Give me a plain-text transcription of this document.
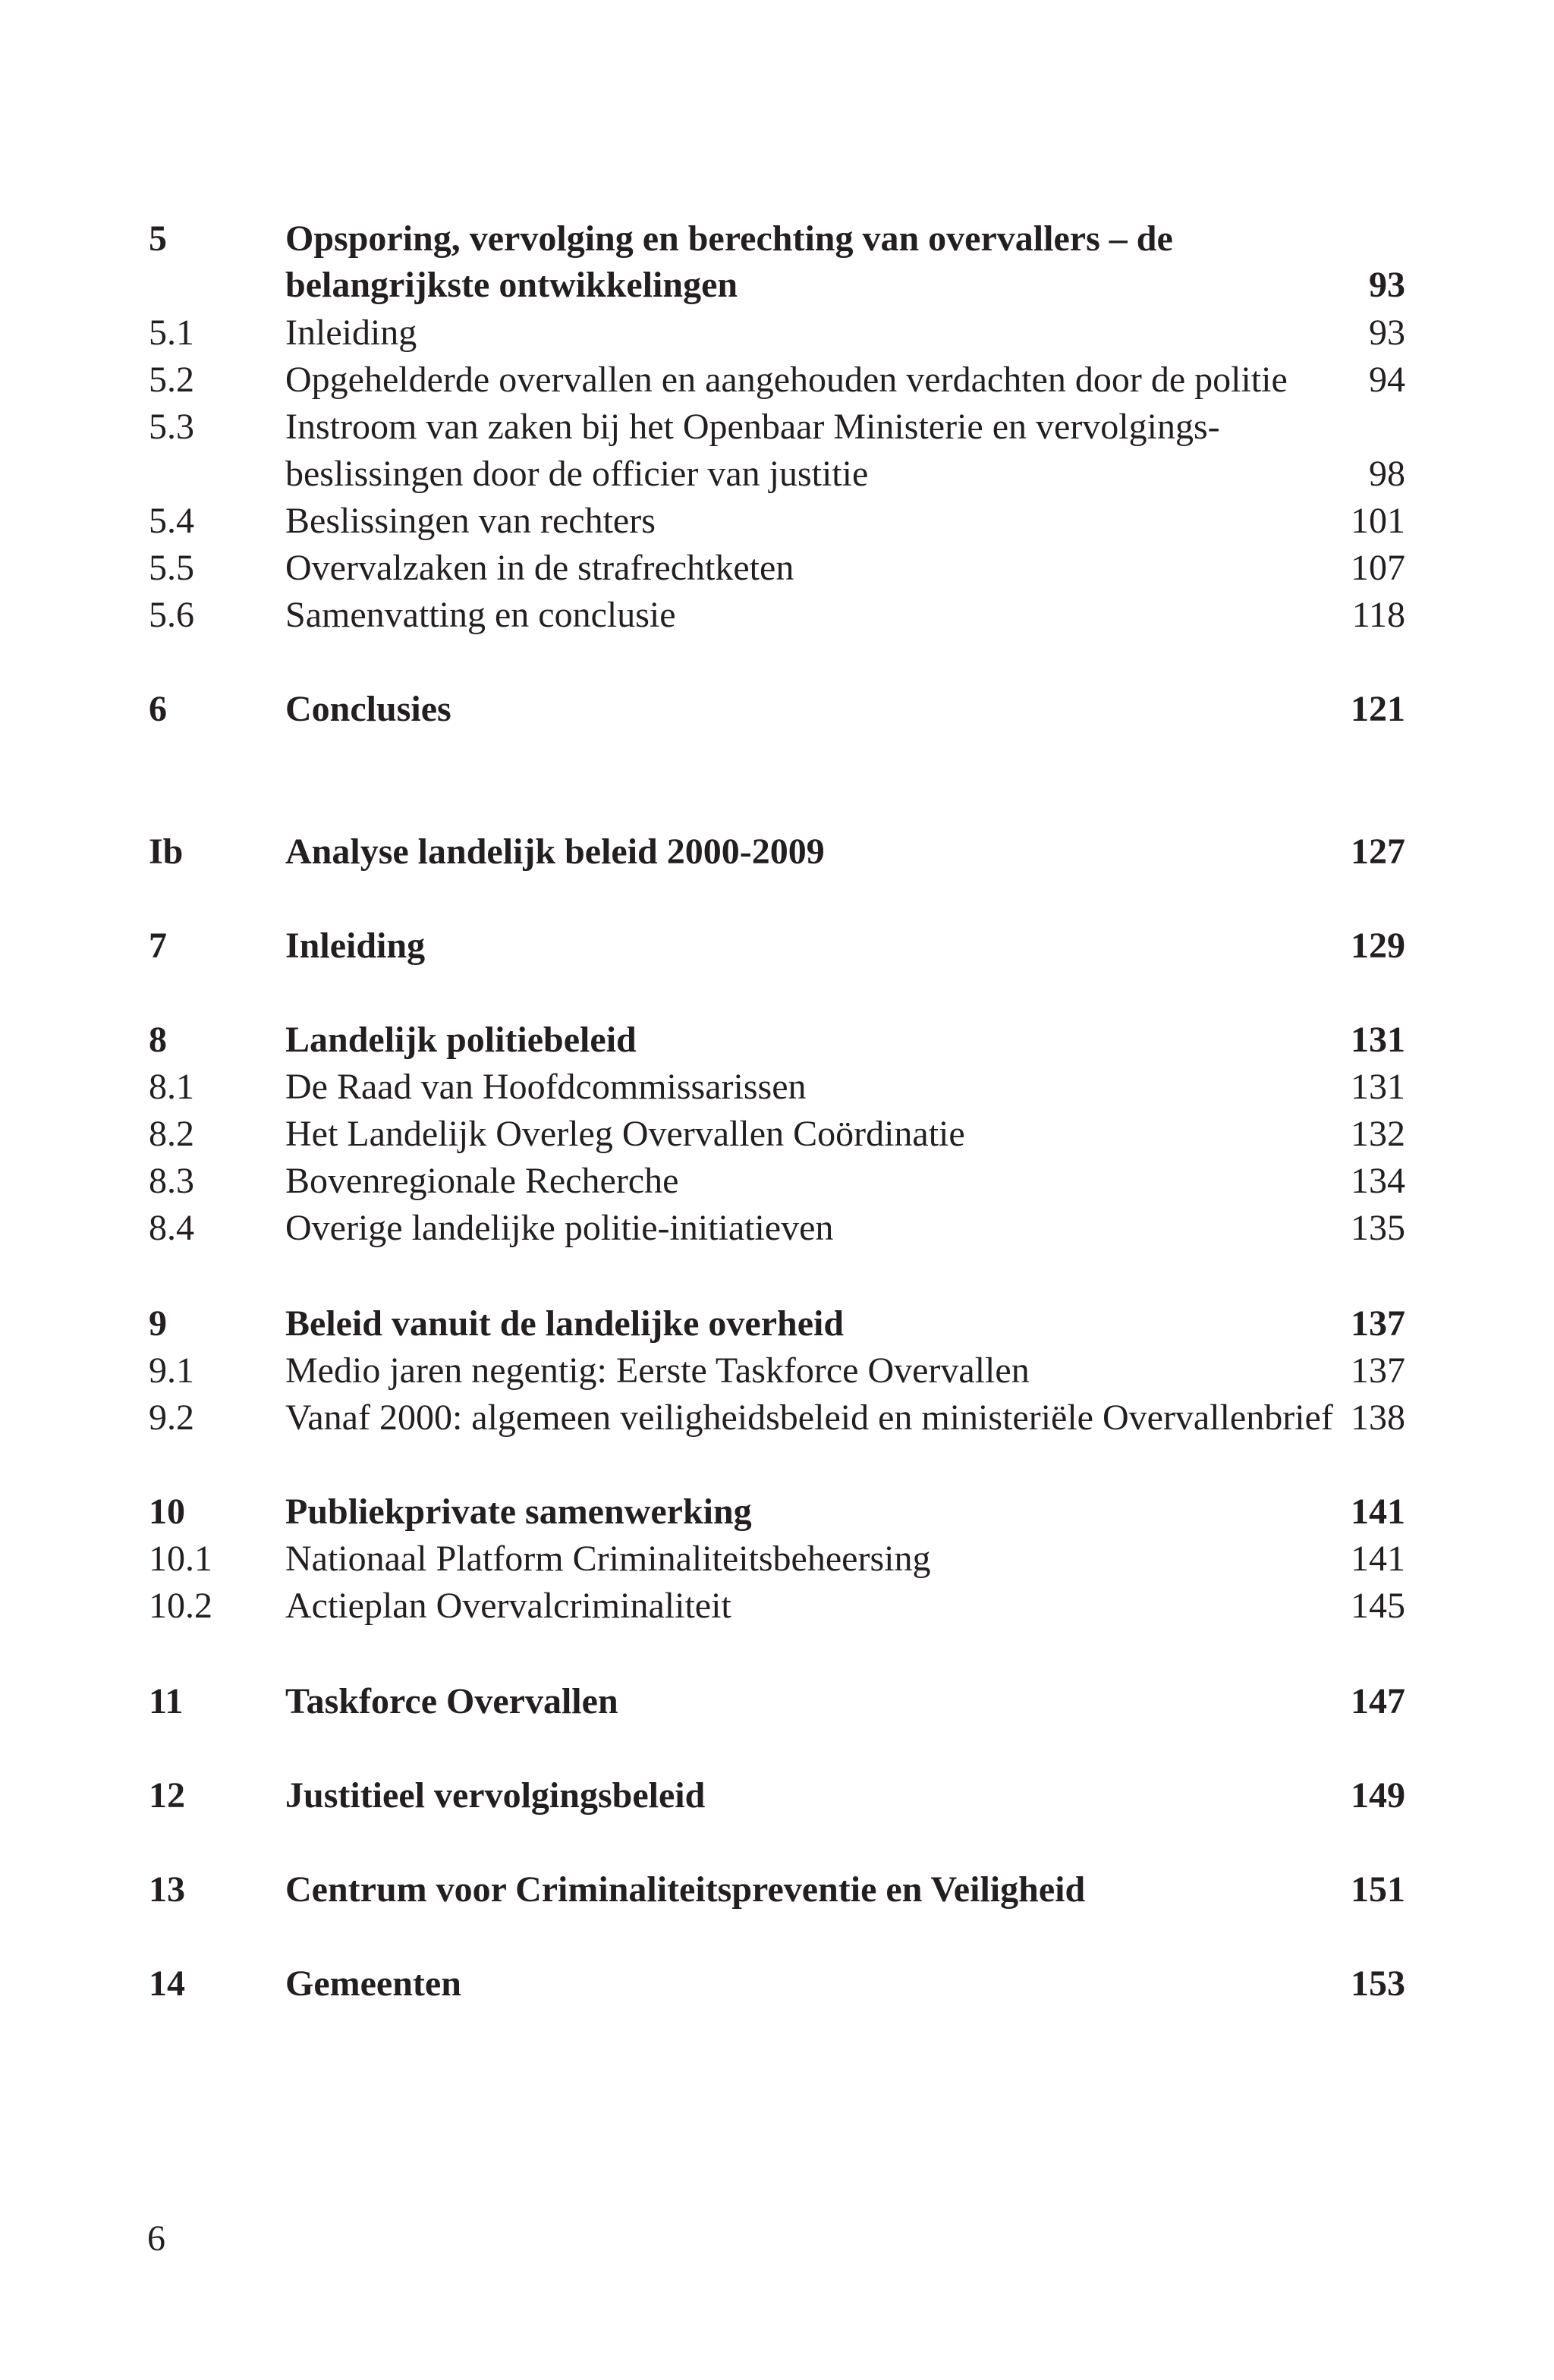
5	Opsporing, vervolging en berechting van overvallers – de
belangrijkste ontwikkelingen	93
5.1	Inleiding	93
5.2	Opgehelderde overvallen en aangehouden verdachten door de politie 94
5.3	Instroom van zaken bij het Openbaar Ministerie en vervolgings-
beslissingen door de officier van justitie	98
5.4	Beslissingen van rechters	101
5.5	Overvalzaken in de strafrechtketen	107
5.6	Samenvatting en conclusie	118
6	Conclusies	121
Ib	Analyse landelijk beleid 2000-2009	127
7	Inleiding	129
8	Landelijk politiebeleid	131
8.1	De Raad van Hoofdcommissarissen	131
8.2	Het Landelijk Overleg Overvallen Coördinatie	132
8.3	Bovenregionale Recherche	134
8.4	Overige landelijke politie-initiatieven	135
9	Beleid vanuit de landelijke overheid	137
9.1	Medio jaren negentig: Eerste Taskforce Overvallen	137
9.2	Vanaf 2000: algemeen veiligheidsbeleid en ministeriële Overvallenbrief 138
10	Publiekprivate samenwerking	141
10.1 Nationaal Platform Criminaliteitsbeheersing	141
10.2 Actieplan Overvalcriminaliteit	145
11	Taskforce Overvallen	147
12	Justitieel vervolgingsbeleid	149
13	Centrum voor Criminaliteitspreventie en Veiligheid	151
14	Gemeenten	153
6
